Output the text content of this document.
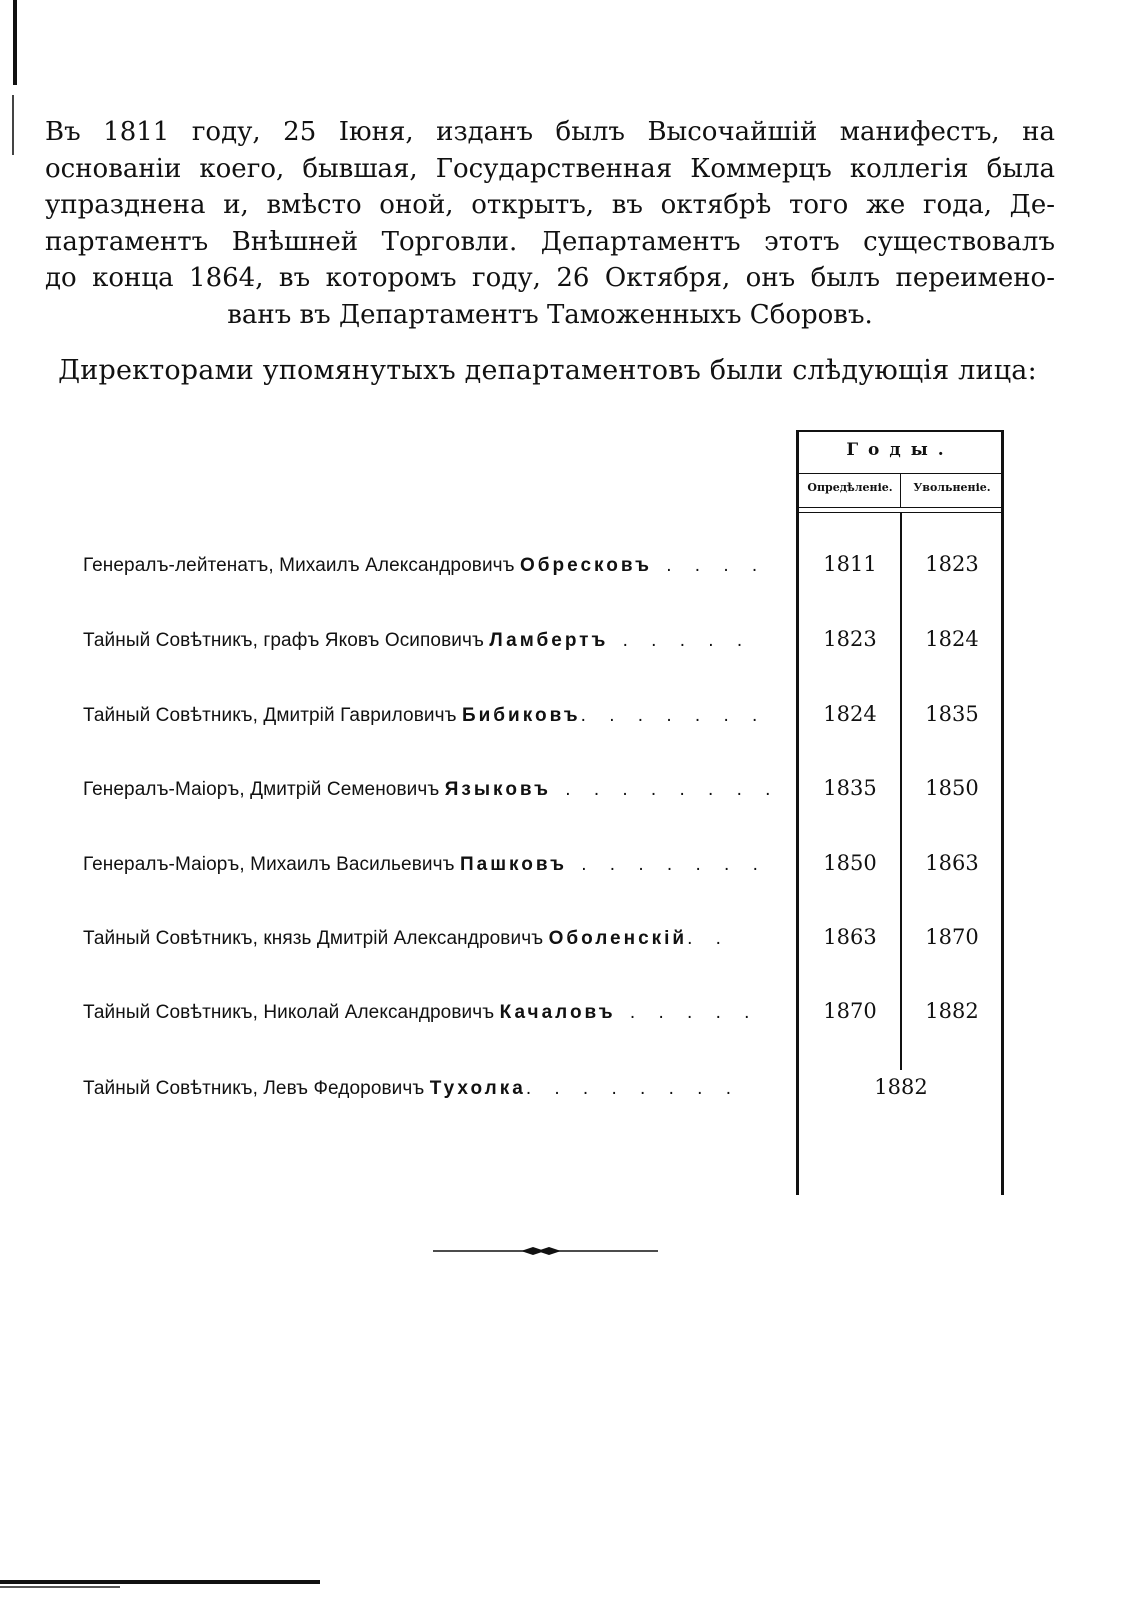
Въ 1811 году, 25 Іюня, изданъ былъ Высочайшій манифестъ, на
основаніи коего, бывшая, Государственная Коммерцъ коллегія была
упразднена и, вмѣсто оной, открытъ, въ октябрѣ того же года, Де-
партаментъ Внѣшней Торговли. Департаментъ этотъ существовалъ
до конца 1864, въ которомъ году, 26 Октября, онъ былъ переимено-
ванъ въ Департаментъ Таможенныхъ Сборовъ.
Директорами упомянутыхъ департаментовъ были слѣдующія лица:
Годы.
Опредѣленіе.	Увольненіе.
Генералъ-лейтенатъ, Михаилъ Александровичъ Обресковъ . . . .	1811	1823
Тайный Совѣтникъ, графъ Яковъ Осиповичъ Ламбертъ . . . . .	1823	1824
Тайный Совѣтникъ, Дмитрій Гавриловичъ Бибиковъ. . . . . . .	1824	1835
Генералъ-Маіоръ, Дмитрій Семеновичъ Языковъ . . . . . . . .	1835	1850
Генералъ-Маіоръ, Михаилъ Васильевичъ Пашковъ . . . . . . .	1850	1863
Тайный Совѣтникъ, князь Дмитрій Александровичъ Оболенскій. .	1863	1870
Тайный Совѣтникъ, Николай Александровичъ Качаловъ . . . . .	1870	1882
Тайный Совѣтникъ, Левъ Федоровичъ Тухолка. . . . . . . .	1882
